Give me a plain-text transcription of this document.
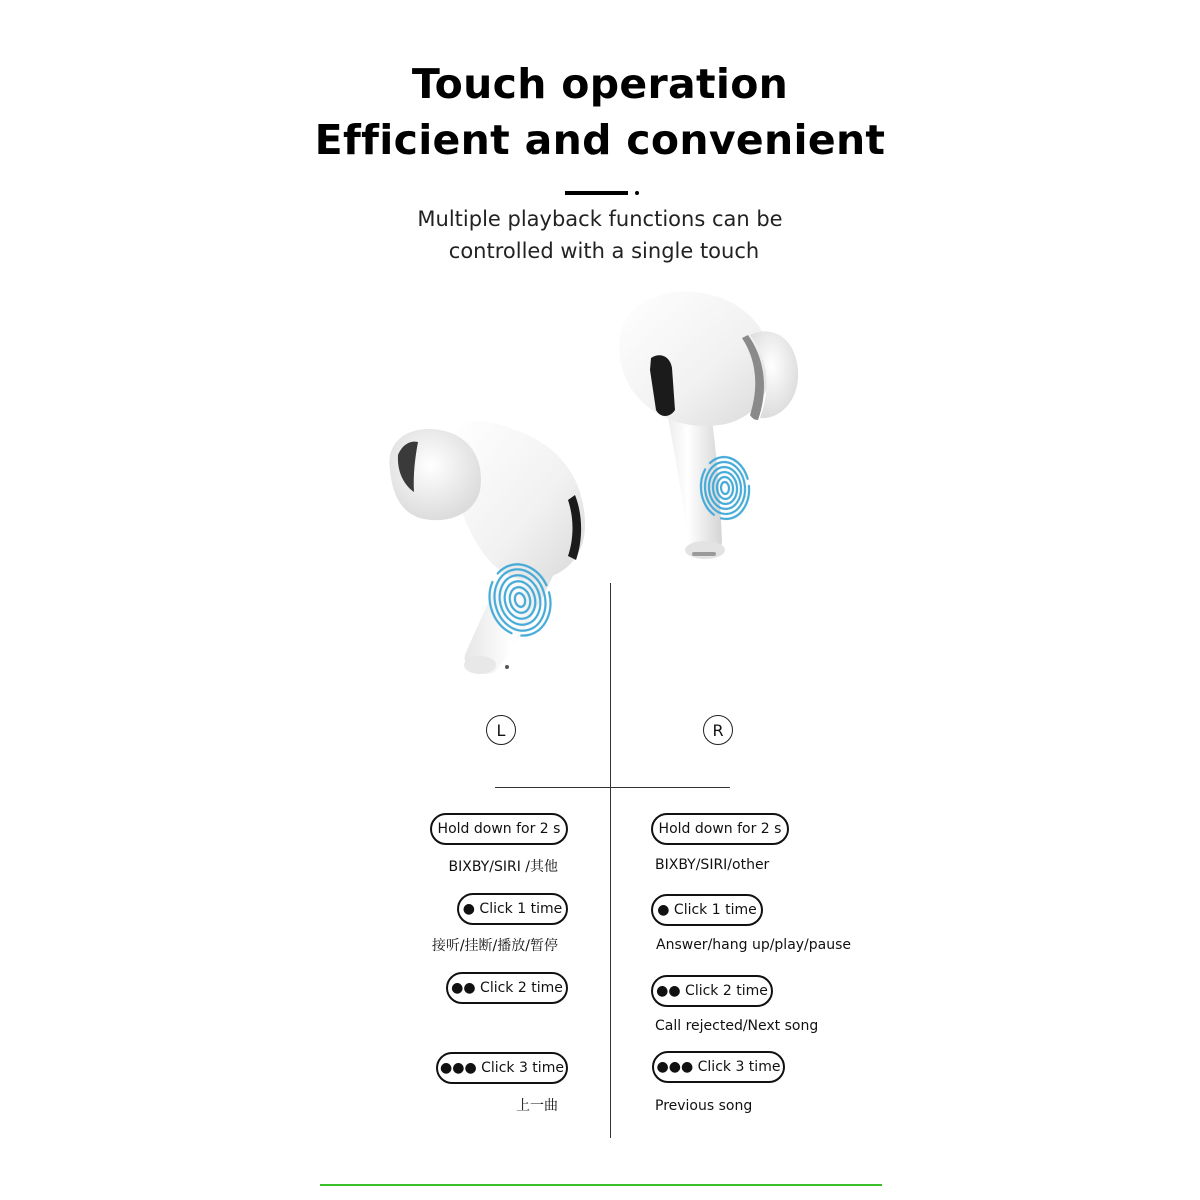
Touch operation
Efficient and convenient
Multiple playback functions can be
controlled with a single touch
L	R
Hold down for 2 s
BIXBY/SIRI /其他
● Click 1 time
接听/挂断/播放/暂停
●● Click 2 time
●●● Click 3 time
上一曲
Hold down for 2 s
BIXBY/SIRI/other
● Click 1 time
Answer/hang up/play/pause
●● Click 2 time
Call rejected/Next song
●●● Click 3 time
Previous song
